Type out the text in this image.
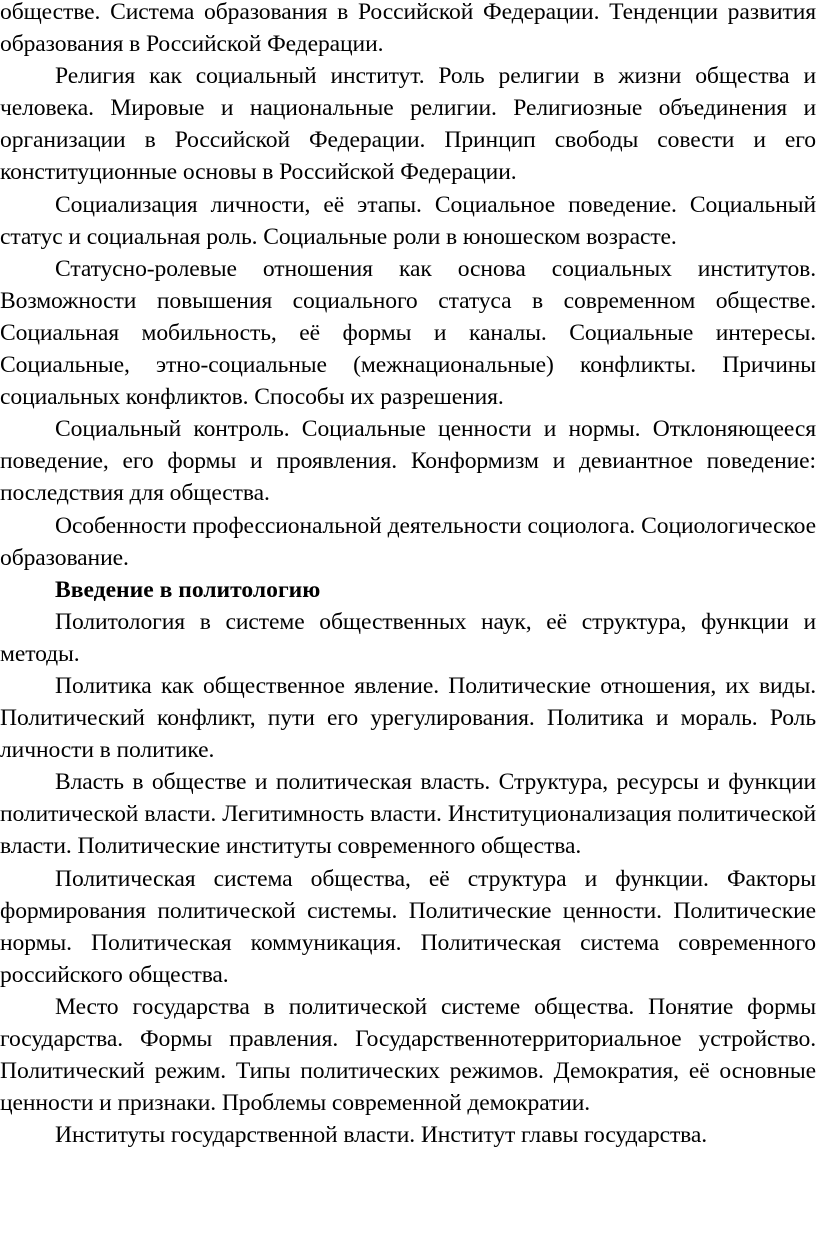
обществе. Система образования в Российской Федерации. Тенденции развития образования в Российской Федерации.

Религия как социальный институт. Роль религии в жизни общества и человека. Мировые и национальные религии. Религиозные объединения и организации в Российской Федерации. Принцип свободы совести и его конституционные основы в Российской Федерации.

Социализация личности, её этапы. Социальное поведение. Социальный статус и социальная роль. Социальные роли в юношеском возрасте.

Статусно-ролевые отношения как основа социальных институтов. Возможности повышения социального статуса в современном обществе. Социальная мобильность, её формы и каналы. Социальные интересы. Социальные, этно-социальные (межнациональные) конфликты. Причины социальных конфликтов. Способы их разрешения.

Социальный контроль. Социальные ценности и нормы. Отклоняющееся поведение, его формы и проявления. Конформизм и девиантное поведение: последствия для общества.

Особенности профессиональной деятельности социолога. Социологическое образование.

Введение в политологию

Политология в системе общественных наук, её структура, функции и методы.

Политика как общественное явление. Политические отношения, их виды. Политический конфликт, пути его урегулирования. Политика и мораль. Роль личности в политике.

Власть в обществе и политическая власть. Структура, ресурсы и функции политической власти. Легитимность власти. Институционализация политической власти. Политические институты современного общества.

Политическая система общества, её структура и функции. Факторы формирования политической системы. Политические ценности. Политические нормы. Политическая коммуникация. Политическая система современного российского общества.

Место государства в политической системе общества. Понятие формы государства. Формы правления. Государственнотерриториальное устройство. Политический режим. Типы политических режимов. Демократия, её основные ценности и признаки. Проблемы современной демократии.

Институты государственной власти. Институт главы государства.
